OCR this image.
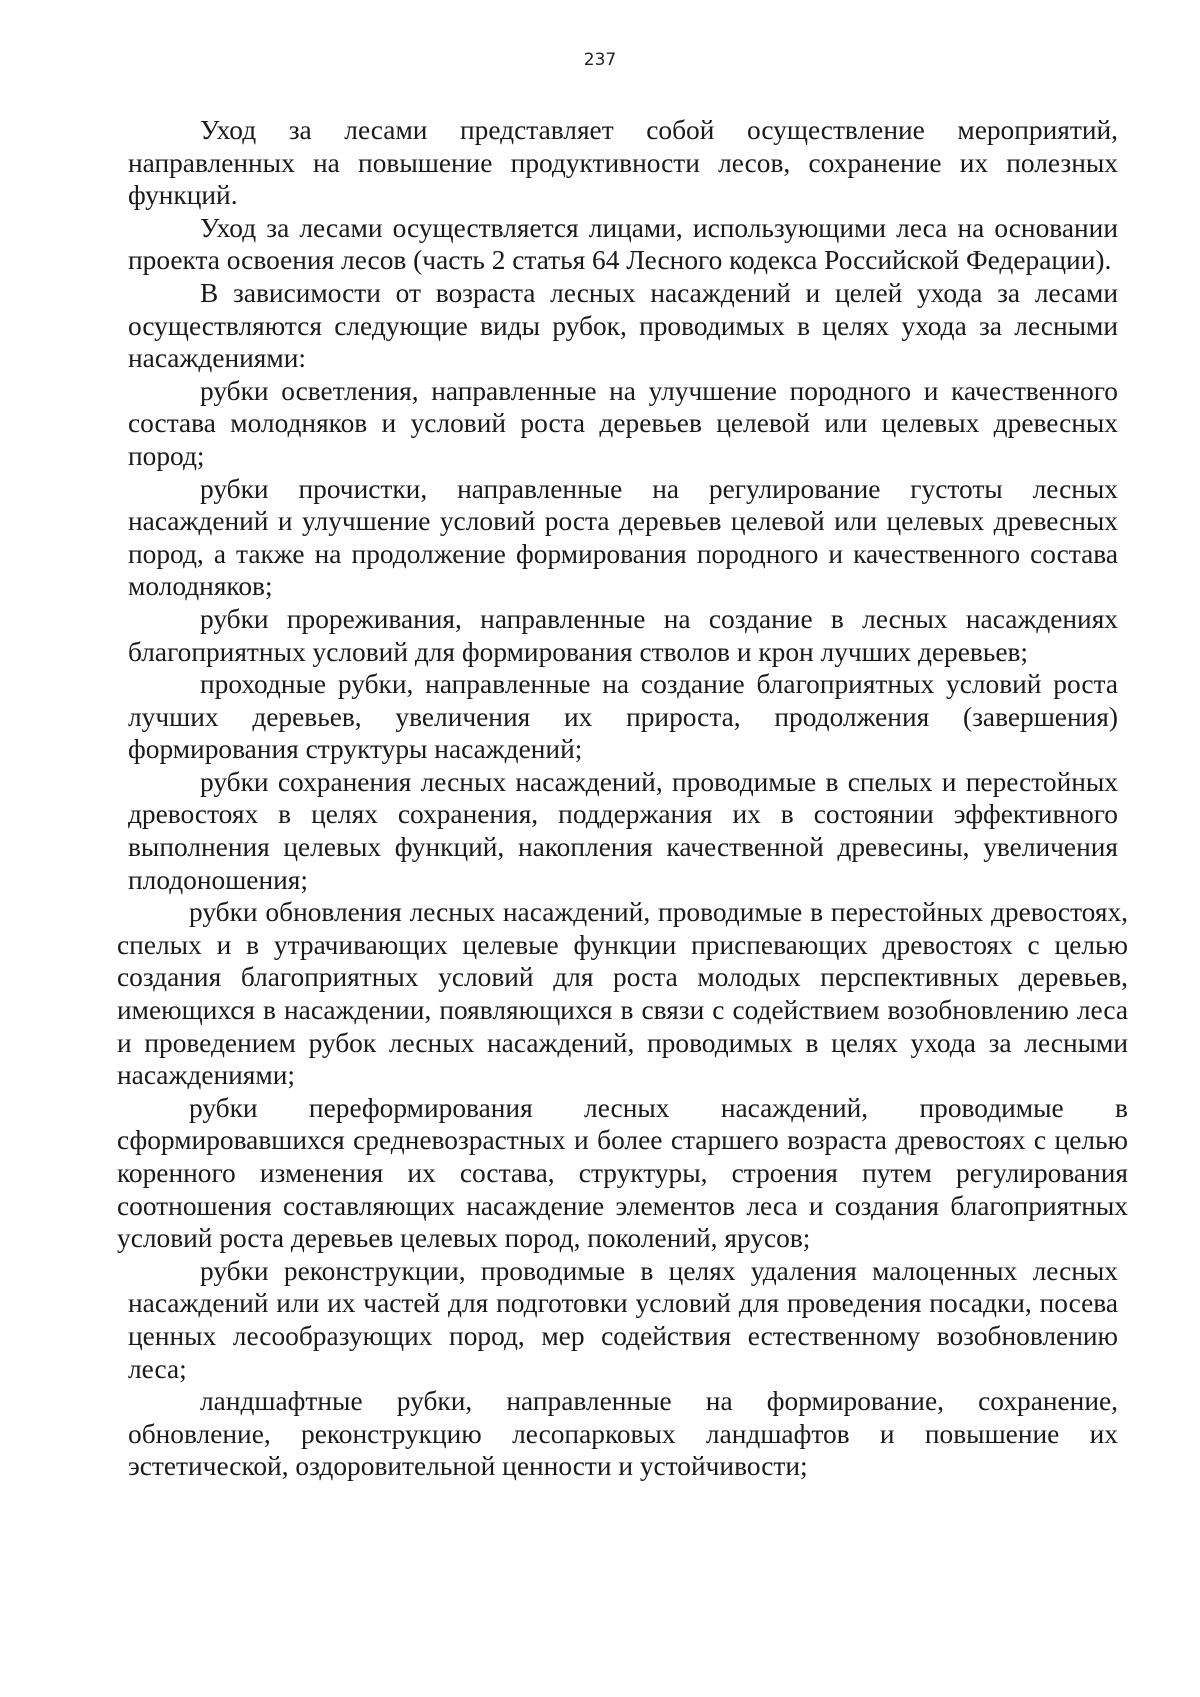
237

Уход за лесами представляет собой осуществление мероприятий, направленных на повышение продуктивности лесов, сохранение их полезных функций.

Уход за лесами осуществляется лицами, использующими леса на основании проекта освоения лесов (часть 2 статья 64 Лесного кодекса Российской Федерации).

В зависимости от возраста лесных насаждений и целей ухода за лесами осуществляются следующие виды рубок, проводимых в целях ухода за лесными насаждениями:

рубки осветления, направленные на улучшение породного и качественного состава молодняков и условий роста деревьев целевой или целевых древесных пород;

рубки прочистки, направленные на регулирование густоты лесных насаждений и улучшение условий роста деревьев целевой или целевых древесных пород, а также на продолжение формирования породного и качественного состава молодняков;

рубки прореживания, направленные на создание в лесных насаждениях благоприятных условий для формирования стволов и крон лучших деревьев;

проходные рубки, направленные на создание благоприятных условий роста лучших деревьев, увеличения их прироста, продолжения (завершения) формирования структуры насаждений;

рубки сохранения лесных насаждений, проводимые в спелых и перестойных древостоях в целях сохранения, поддержания их в состоянии эффективного выполнения целевых функций, накопления качественной древесины, увеличения плодоношения;

рубки обновления лесных насаждений, проводимые в перестойных древостоях, спелых и в утрачивающих целевые функции приспевающих древостоях с целью создания благоприятных условий для роста молодых перспективных деревьев, имеющихся в насаждении, появляющихся в связи с содействием возобновлению леса и проведением рубок лесных насаждений, проводимых в целях ухода за лесными насаждениями;

рубки переформирования лесных насаждений, проводимые в сформировавшихся средневозрастных и более старшего возраста древостоях с целью коренного изменения их состава, структуры, строения путем регулирования соотношения составляющих насаждение элементов леса и создания благоприятных условий роста деревьев целевых пород, поколений, ярусов;

рубки реконструкции, проводимые в целях удаления малоценных лесных насаждений или их частей для подготовки условий для проведения посадки, посева ценных лесообразующих пород, мер содействия естественному возобновлению леса;

ландшафтные рубки, направленные на формирование, сохранение, обновление, реконструкцию лесопарковых ландшафтов и повышение их эстетической, оздоровительной ценности и устойчивости;
